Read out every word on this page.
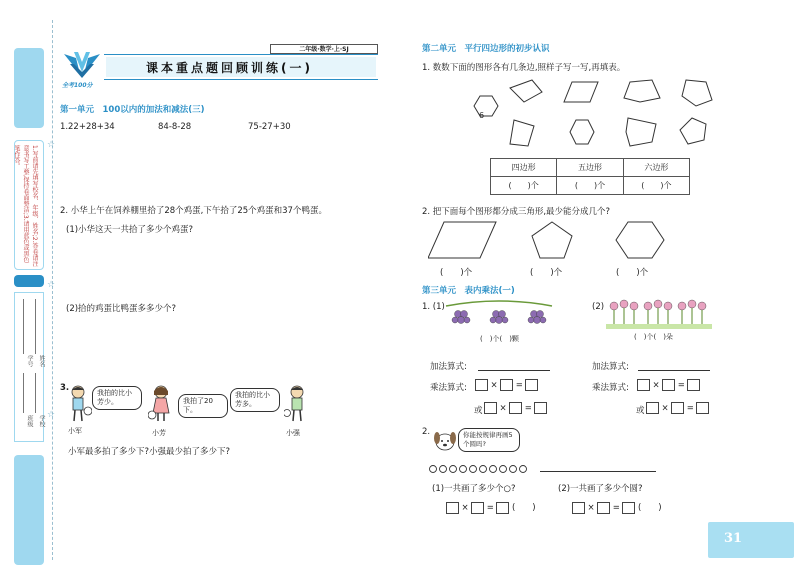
1.写前请先填写校名、年级、姓名;2.答卷请注意书写工整,保持卷面整洁;3.请用蓝色或黑色笔作答。
姓名
学号
学校
班级
☆
☆
☆
全考100分
课本重点题回顾训练(一)
二年级·数学·上·SJ
第一单元　100以内的加法和减法(三)
1. 22+28+34	84-8-28	75-27+30
2. 小华上午在饲养棚里拾了28个鸡蛋,下午拾了25个鸡蛋和37个鸭蛋。
(1)小华这天一共拾了多少个鸡蛋?
(2)拾的鸡蛋比鸭蛋多多少个?
3.	我拍的比小芳少。	我拍了20下。
我拍的比小芳多。
小军	小芳	小强
小军最多拍了多少下?小强最少拍了多少下?
第二单元　平行四边形的初步认识
1. 数数下面的图形各有几条边,照样子写一写,再填表。
6
四边形	五边形	六边形
(　　)个	(　　)个	(　　)个
2. 把下面每个图形都分成三角形,最少能分成几个?
(　　)个	(　　)个	(　　)个
第三单元　表内乘法(一)
1. (1)
(　)个(　)颗
(2)
(　)个(　)朵
加法算式:
乘法算式:	× =
或	× =
加法算式:
乘法算式:	× =
或	× =
2.	你能按规律再画5个圆吗?
(1)一共画了多少个○?	(2)一共画了多少个圆?
× = (　　)	× = (　　)
31
